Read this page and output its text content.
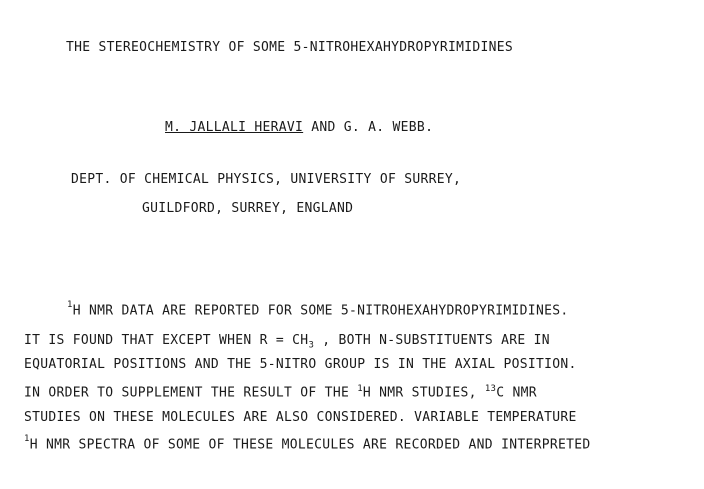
THE STEREOCHEMISTRY OF SOME 5-NITROHEXAHYDROPYRIMIDINES
M. JALLALI HERAVI AND G. A. WEBB.
DEPT. OF CHEMICAL PHYSICS, UNIVERSITY OF SURREY,
GUILDFORD, SURREY, ENGLAND
$^1$H NMR DATA ARE REPORTED FOR SOME 5-NITROHEXAHYDROPYRIMIDINES.
IT IS FOUND THAT EXCEPT WHEN $R = CH_3$ , BOTH N-SUBSTITUENTS ARE IN
EQUATORIAL POSITIONS AND THE 5-NITRO GROUP IS IN THE AXIAL POSITION.
IN ORDER TO SUPPLEMENT THE RESULT OF THE $^1$H NMR STUDIES, $^{13}$C NMR
STUDIES ON THESE MOLECULES ARE ALSO CONSIDERED. VARIABLE TEMPERATURE
$^1$H NMR SPECTRA OF SOME OF THESE MOLECULES ARE RECORDED AND INTERPRETED
